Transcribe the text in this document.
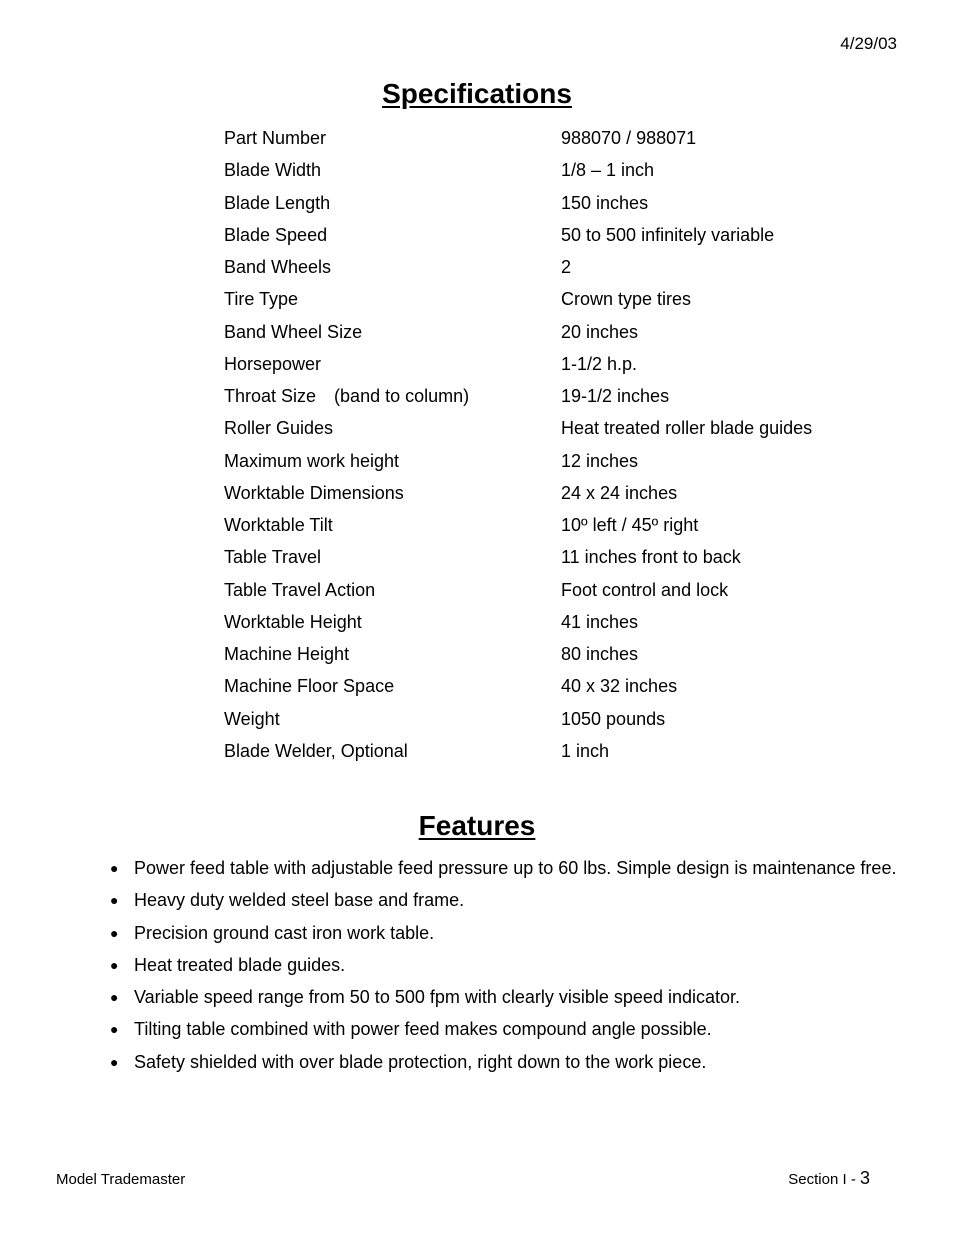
4/29/03
Specifications
Part Number	988070 / 988071
Blade Width	1/8 – 1 inch
Blade Length	150 inches
Blade Speed	50 to 500 infinitely variable
Band Wheels	2
Tire Type	Crown type tires
Band Wheel Size	20 inches
Horsepower	1-1/2 h.p.
Throat Size (band to column)	19-1/2 inches
Roller Guides	Heat treated roller blade guides
Maximum work height	12 inches
Worktable Dimensions	24 x 24 inches
Worktable Tilt	10º left / 45º right
Table Travel	11 inches front to back
Table Travel Action	Foot control and lock
Worktable Height	41 inches
Machine Height	80 inches
Machine Floor Space	40 x 32 inches
Weight	1050 pounds
Blade Welder, Optional	1 inch
Features
● Power feed table with adjustable feed pressure up to 60 lbs. Simple design is maintenance free.
● Heavy duty welded steel base and frame.
● Precision ground cast iron work table.
● Heat treated blade guides.
● Variable speed range from 50 to 500 fpm with clearly visible speed indicator.
● Tilting table combined with power feed makes compound angle possible.
● Safety shielded with over blade protection, right down to the work piece.
Model Trademaster	Section I - 3
